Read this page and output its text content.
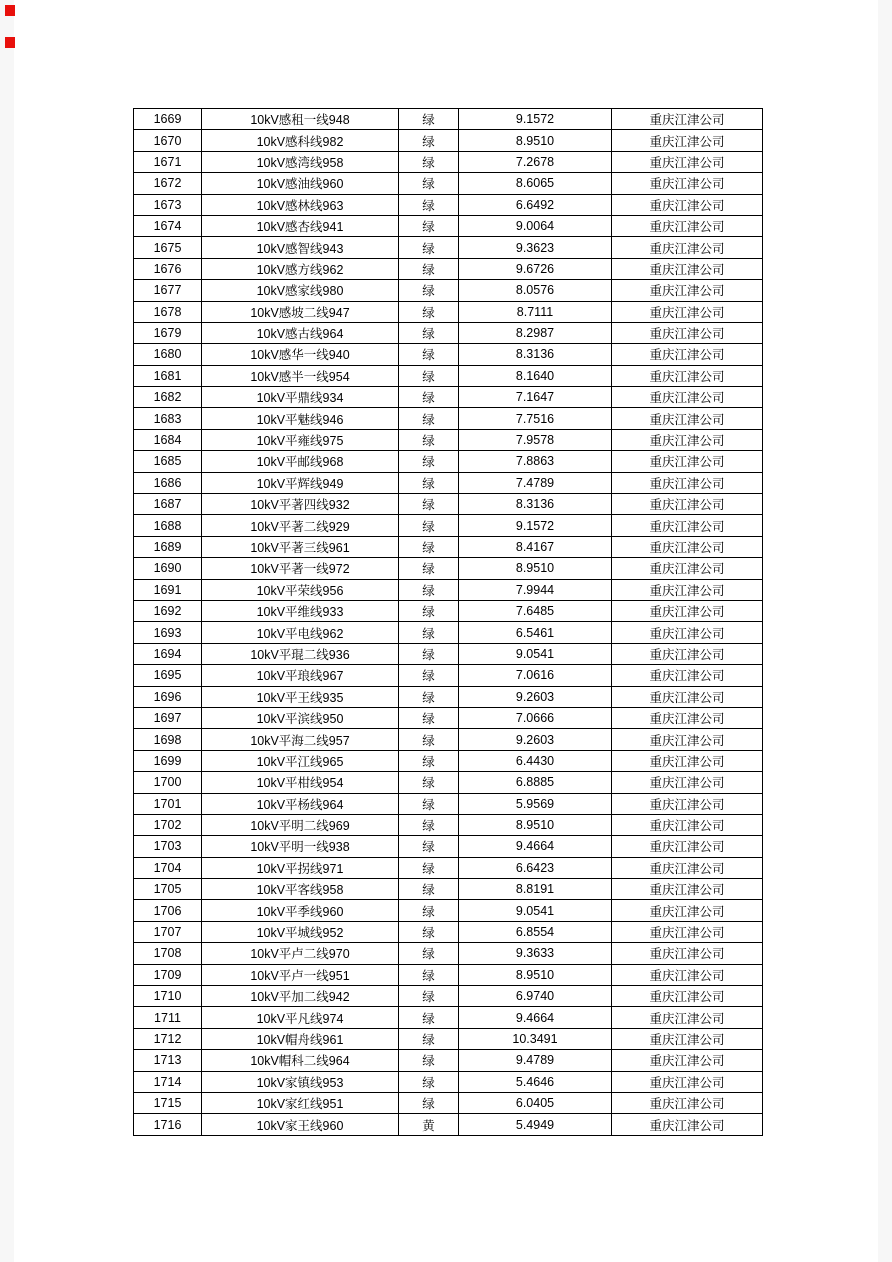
1669	10kV感租一线948	绿	9.1572	重庆江津公司
1670	10kV感科线982	绿	8.9510	重庆江津公司
1671	10kV感湾线958	绿	7.2678	重庆江津公司
1672	10kV感油线960	绿	8.6065	重庆江津公司
1673	10kV感林线963	绿	6.6492	重庆江津公司
1674	10kV感杏线941	绿	9.0064	重庆江津公司
1675	10kV感智线943	绿	9.3623	重庆江津公司
1676	10kV感方线962	绿	9.6726	重庆江津公司
1677	10kV感家线980	绿	8.0576	重庆江津公司
1678	10kV感坡二线947	绿	8.7111	重庆江津公司
1679	10kV感古线964	绿	8.2987	重庆江津公司
1680	10kV感华一线940	绿	8.3136	重庆江津公司
1681	10kV感半一线954	绿	8.1640	重庆江津公司
1682	10kV平鼎线934	绿	7.1647	重庆江津公司
1683	10kV平魅线946	绿	7.7516	重庆江津公司
1684	10kV平雍线975	绿	7.9578	重庆江津公司
1685	10kV平邮线968	绿	7.8863	重庆江津公司
1686	10kV平辉线949	绿	7.4789	重庆江津公司
1687	10kV平著四线932	绿	8.3136	重庆江津公司
1688	10kV平著二线929	绿	9.1572	重庆江津公司
1689	10kV平著三线961	绿	8.4167	重庆江津公司
1690	10kV平著一线972	绿	8.9510	重庆江津公司
1691	10kV平荣线956	绿	7.9944	重庆江津公司
1692	10kV平维线933	绿	7.6485	重庆江津公司
1693	10kV平电线962	绿	6.5461	重庆江津公司
1694	10kV平琨二线936	绿	9.0541	重庆江津公司
1695	10kV平琅线967	绿	7.0616	重庆江津公司
1696	10kV平王线935	绿	9.2603	重庆江津公司
1697	10kV平滨线950	绿	7.0666	重庆江津公司
1698	10kV平海二线957	绿	9.2603	重庆江津公司
1699	10kV平江线965	绿	6.4430	重庆江津公司
1700	10kV平柑线954	绿	6.8885	重庆江津公司
1701	10kV平杨线964	绿	5.9569	重庆江津公司
1702	10kV平明二线969	绿	8.9510	重庆江津公司
1703	10kV平明一线938	绿	9.4664	重庆江津公司
1704	10kV平拐线971	绿	6.6423	重庆江津公司
1705	10kV平客线958	绿	8.8191	重庆江津公司
1706	10kV平季线960	绿	9.0541	重庆江津公司
1707	10kV平城线952	绿	6.8554	重庆江津公司
1708	10kV平卢二线970	绿	9.3633	重庆江津公司
1709	10kV平卢一线951	绿	8.9510	重庆江津公司
1710	10kV平加二线942	绿	6.9740	重庆江津公司
1711	10kV平凡线974	绿	9.4664	重庆江津公司
1712	10kV帽舟线961	绿	10.3491	重庆江津公司
1713	10kV帽科二线964	绿	9.4789	重庆江津公司
1714	10kV家镇线953	绿	5.4646	重庆江津公司
1715	10kV家红线951	绿	6.0405	重庆江津公司
1716	10kV家王线960	黄	5.4949	重庆江津公司
